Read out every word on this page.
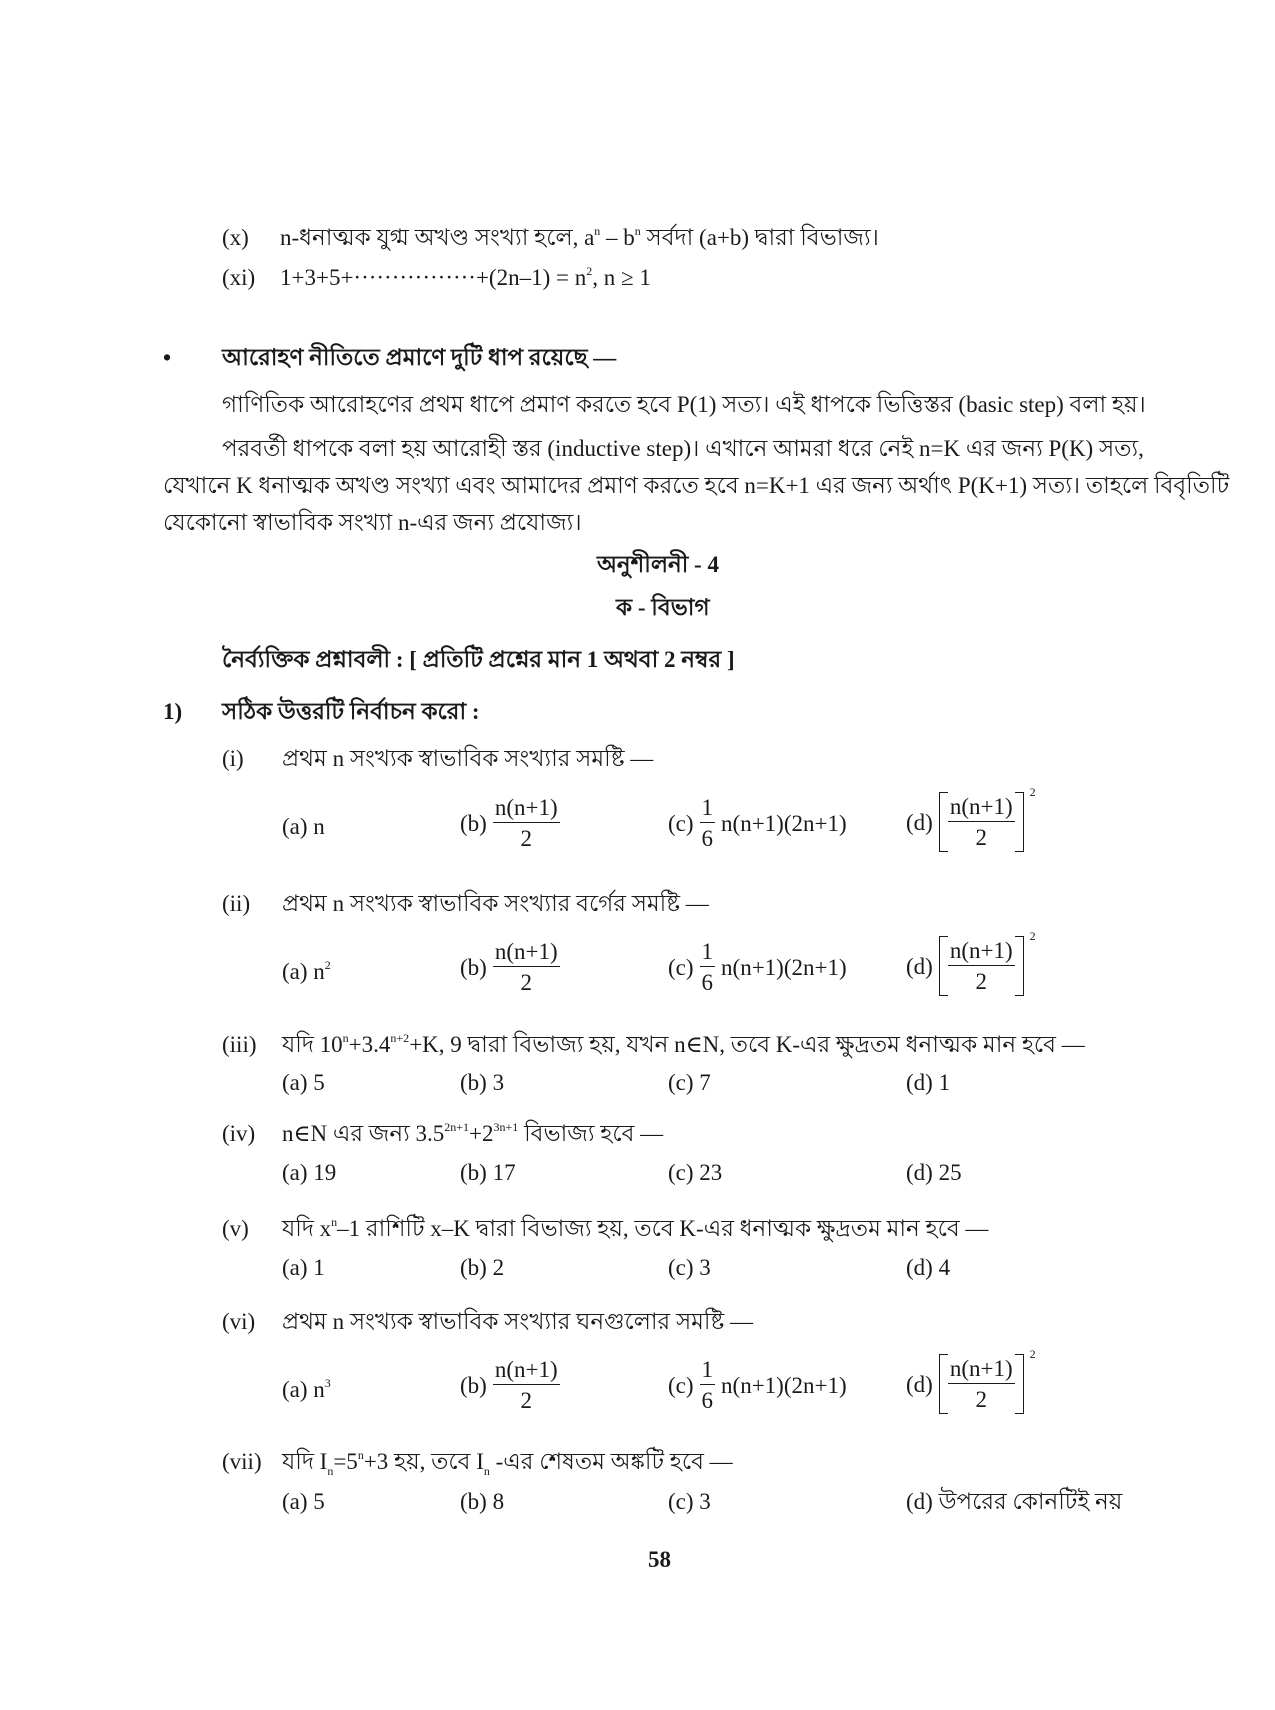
(x) n-ধনাত্মক যুগ্ম অখণ্ড সংখ্যা হলে, $a^n - b^n$ সর্বদা (a+b) দ্বারা বিভাজ্য।
(xi) $1+3+5+\cdot\cdot\cdot\cdot\cdot\cdot\cdot\cdot\cdot\cdot\cdot\cdot\cdot\cdot\cdot\cdot+(2n-1) = n^2$, n ≥ 1
• আরোহণ নীতিতে প্রমাণে দুটি ধাপ রয়েছে —
গাণিতিক আরোহণের প্রথম ধাপে প্রমাণ করতে হবে P(1) সত্য। এই ধাপকে ভিত্তিস্তর (basic step) বলা হয়।
পরবর্তী ধাপকে বলা হয় আরোহী স্তর (inductive step)। এখানে আমরা ধরে নেই n=K এর জন্য P(K) সত্য,
যেখানে K ধনাত্মক অখণ্ড সংখ্যা এবং আমাদের প্রমাণ করতে হবে n=K+1 এর জন্য অর্থাৎ P(K+1) সত্য। তাহলে বিবৃতিটি
যেকোনো স্বাভাবিক সংখ্যা n-এর জন্য প্রযোজ্য।
অনুশীলনী - 4
ক - বিভাগ
নৈর্ব্যক্তিক প্রশ্নাবলী : [ প্রতিটি প্রশ্নের মান 1 অথবা 2 নম্বর ]
1) সঠিক উত্তরটি নির্বাচন করো :
(i) প্রথম n সংখ্যক স্বাভাবিক সংখ্যার সমষ্টি —
(a) n	$(b) \frac{n(n+1)}{2}$	$(c) \frac{1}{6} n(n+1)(2n+1)$	$(d) \frac{n(n+1)}{2}$
2
(ii) প্রথম n সংখ্যক স্বাভাবিক সংখ্যার বর্গের সমষ্টি —
(a) $n^2$	$(b) \frac{n(n+1)}{2}$	$(c) \frac{1}{6} n(n+1)(2n+1)$	$(d) \frac{n(n+1)}{2}$
2
(iii) যদি $10^n+3.4^{n+2}+K$, 9 দ্বারা বিভাজ্য হয়, যখন n∈N, তবে K-এর ক্ষুদ্রতম ধনাত্মক মান হবে —
(a) 5	(b) 3	(c) 7	(d) 1
(iv) n∈N এর জন্য $3.5^{2n+1}+2^{3n+1}$ বিভাজ্য হবে —
(a) 19	(b) 17	(c) 23	(d) 25
(v) যদি $x^n-1$ রাশিটি x–K দ্বারা বিভাজ্য হয়, তবে K-এর ধনাত্মক ক্ষুদ্রতম মান হবে —
(a) 1	(b) 2	(c) 3	(d) 4
(vi) প্রথম n সংখ্যক স্বাভাবিক সংখ্যার ঘনগুলোর সমষ্টি —
(a) $n^3$	$(b) \frac{n(n+1)}{2}$	$(c) \frac{1}{6} n(n+1)(2n+1)$	$(d) \frac{n(n+1)}{2}$
2
(vii) যদি $I_n=5^n+3$ হয়, তবে $I_n$ -এর শেষতম অঙ্কটি হবে —
(a) 5	(b) 8	(c) 3	(d) উপরের কোনটিই নয়
58
